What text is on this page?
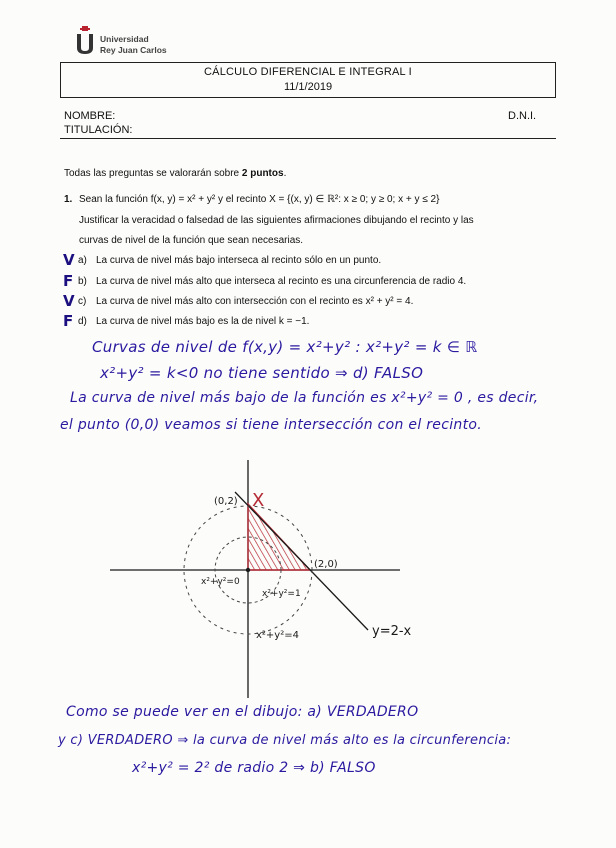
Universidad
Rey Juan Carlos
CÁLCULO DIFERENCIAL E INTEGRAL I
11/1/2019
NOMBRE:
TITULACIÓN:
D.N.I.
Todas las preguntas se valorarán sobre 2 puntos.
1. Sean la función f(x, y) = x² + y² y el recinto X = {(x, y) ∈ ℝ²: x ≥ 0; y ≥ 0; x + y ≤ 2}
Justificar la veracidad o falsedad de las siguientes afirmaciones dibujando el recinto y las
curvas de nivel de la función que sean necesarias.
V a) La curva de nivel más bajo interseca al recinto sólo en un punto.
F b) La curva de nivel más alto que interseca al recinto es una circunferencia de radio 4.
V c) La curva de nivel más alto con intersección con el recinto es x² + y² = 4.
F d) La curva de nivel más bajo es la de nivel k = −1.
Curvas de nivel de f(x,y) = x²+y² : x²+y² = k ∈ ℝ
x²+y² = k<0 no tiene sentido ⇒ d) FALSO
La curva de nivel más bajo de la función es x²+y² = 0 , es decir,
el punto (0,0) veamos si tiene intersección con el recinto.
(0,2) X
(2,0)
x²+y²=0
x²+y²=1
x²+y²=4	y=2-x
Como se puede ver en el dibujo: a) VERDADERO
y c) VERDADERO ⇒ la curva de nivel más alto es la circunferencia:
x²+y² = 2² de radio 2 ⇒ b) FALSO
